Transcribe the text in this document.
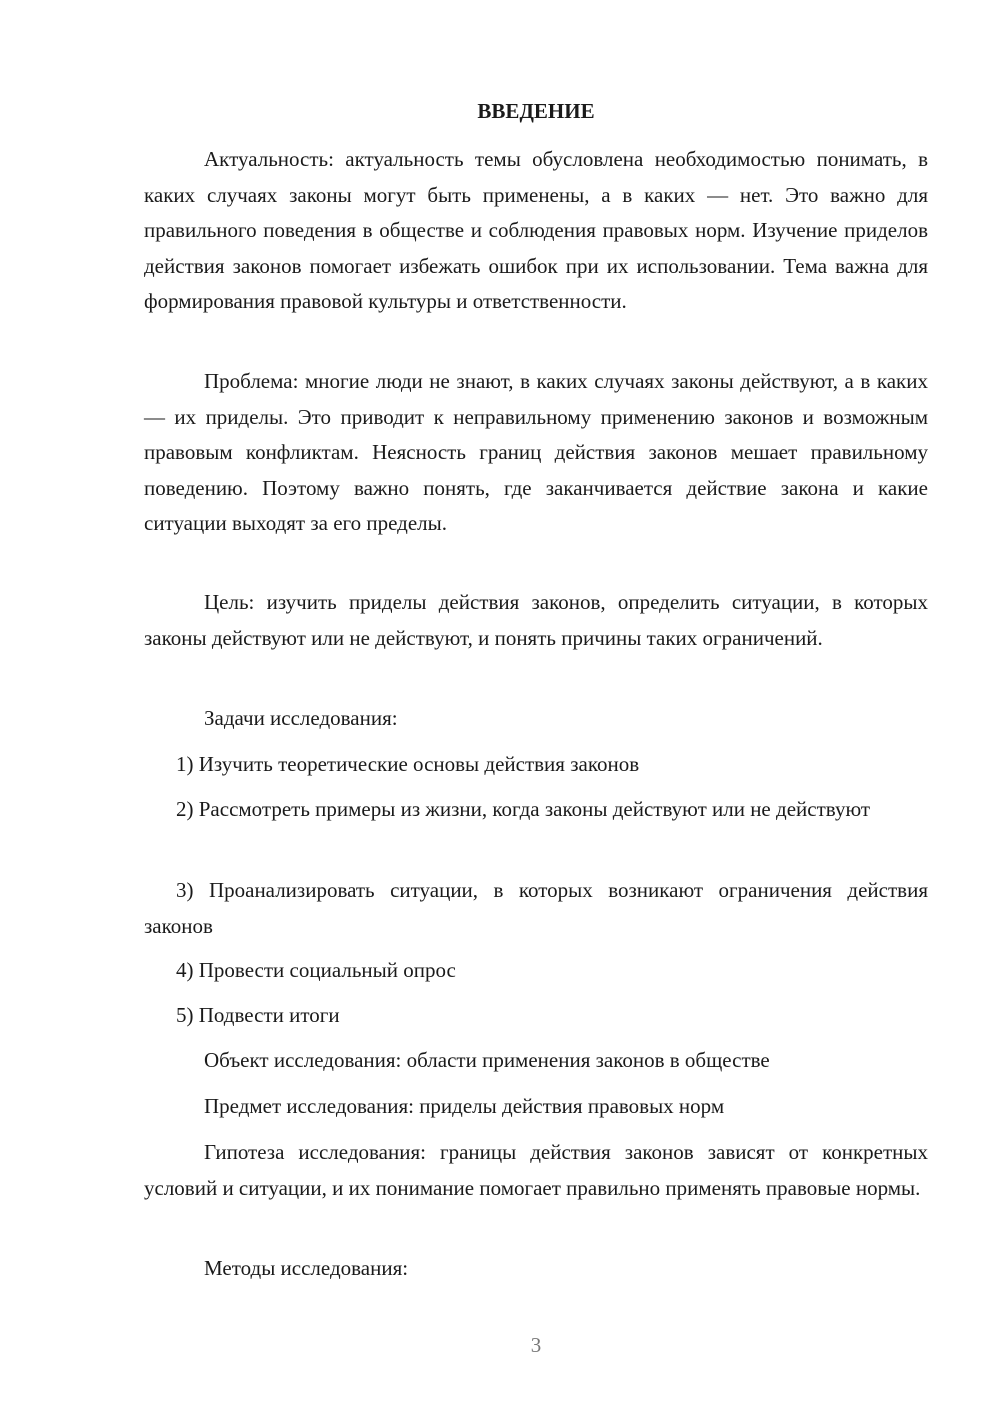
ВВЕДЕНИЕ

Актуальность: актуальность темы обусловлена необходимостью понимать, в каких случаях законы могут быть применены, а в каких — нет. Это важно для правильного поведения в обществе и соблюдения правовых норм. Изучение приделов действия законов помогает избежать ошибок при их использовании. Тема важна для формирования правовой культуры и ответственности.

Проблема: многие люди не знают, в каких случаях законы действуют, а в каких — их приделы. Это приводит к неправильному применению законов и возможным правовым конфликтам. Неясность границ действия законов мешает правильному поведению. Поэтому важно понять, где заканчивается действие закона и какие ситуации выходят за его пределы.

Цель: изучить приделы действия законов, определить ситуации, в которых законы действуют или не действуют, и понять причины таких ограничений.

Задачи исследования:

1) Изучить теоретические основы действия законов

2) Рассмотреть примеры из жизни, когда законы действуют или не действуют

3) Проанализировать ситуации, в которых возникают ограничения действия законов

4) Провести социальный опрос

5) Подвести итоги

Объект исследования: области применения законов в обществе

Предмет исследования: приделы действия правовых норм

Гипотеза исследования: границы действия законов зависят от конкретных условий и ситуации, и их понимание помогает правильно применять правовые нормы.

Методы исследования:

3
